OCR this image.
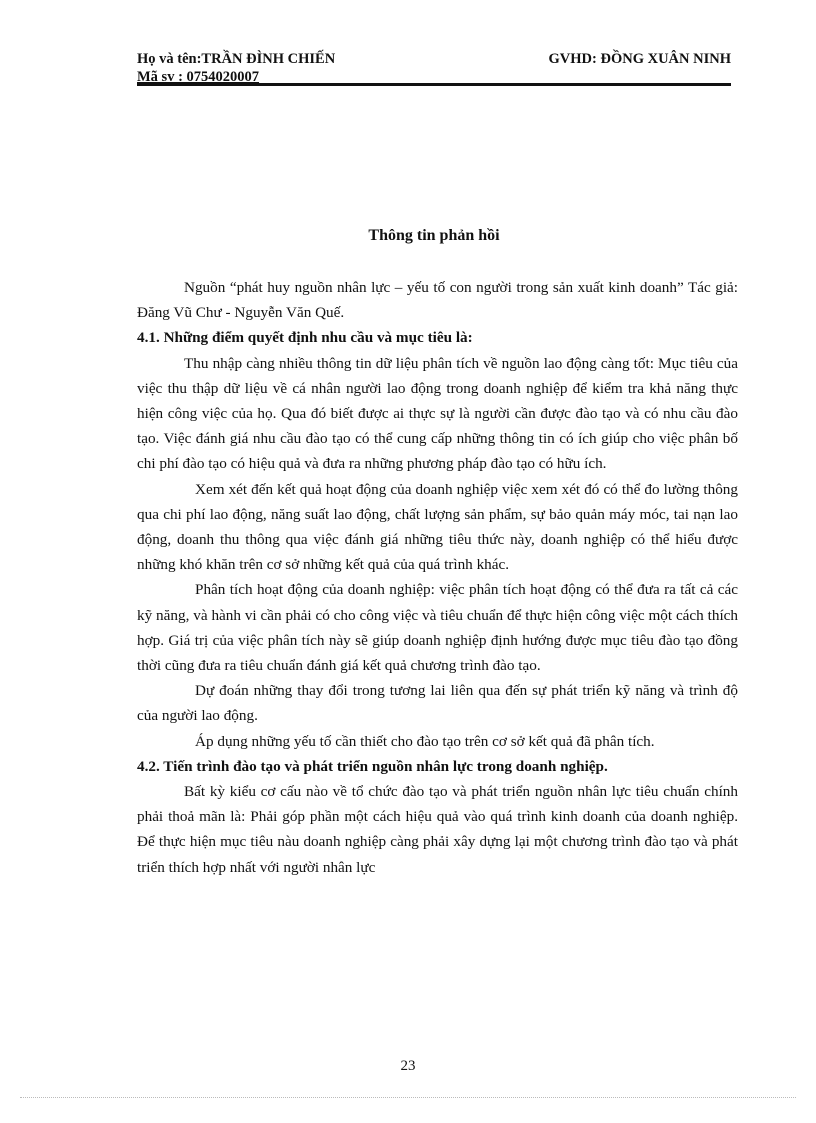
Họ và tên:TRẦN ĐÌNH CHIẾN	GVHD: ĐỒNG XUÂN NINH
Mã sv : 0754020007
Thông tin phản hồi

Nguồn “phát huy nguồn nhân lực – yếu tố con người trong sản xuất kinh doanh” Tác giả: Đăng Vũ Chư - Nguyễn Văn Quế.

4.1. Những điểm quyết định nhu cầu và mục tiêu là:

Thu nhập càng nhiều thông tin dữ liệu phân tích về nguồn lao động càng tốt: Mục tiêu của việc thu thập dữ liệu về cá nhân người lao động trong doanh nghiệp để kiểm tra khả năng thực hiện công việc của họ. Qua đó biết được ai thực sự là người cần được đào tạo và có nhu cầu đào tạo. Việc đánh giá nhu cầu đào tạo có thể cung cấp những thông tin có ích giúp cho việc phân bố chi phí đào tạo có hiệu quả và đưa ra những phương pháp đào tạo có hữu ích.

Xem xét đến kết quả hoạt động của doanh nghiệp việc xem xét đó có thể đo lường thông qua chi phí lao động, năng suất lao động, chất lượng sản phẩm, sự bảo quản máy móc, tai nạn lao động, doanh thu thông qua việc đánh giá những tiêu thức này, doanh nghiệp có thể hiểu được những khó khăn trên cơ sở những kết quả của quá trình khác.

Phân tích hoạt động của doanh nghiệp: việc phân tích hoạt động có thể đưa ra tất cả các kỹ năng, và hành vi cần phải có cho công việc và tiêu chuẩn để thực hiện công việc một cách thích hợp. Giá trị của việc phân tích này sẽ giúp doanh nghiệp định hướng được mục tiêu đào tạo đồng thời cũng đưa ra tiêu chuẩn đánh giá kết quả chương trình đào tạo.

Dự đoán những thay đổi trong tương lai liên qua đến sự phát triển kỹ năng và trình độ của người lao động.

Áp dụng những yếu tố cần thiết cho đào tạo trên cơ sở kết quả đã phân tích.

4.2. Tiến trình đào tạo và phát triển nguồn nhân lực trong doanh nghiệp.

Bất kỳ kiểu cơ cấu nào về tổ chức đào tạo và phát triển nguồn nhân lực tiêu chuẩn chính phải thoả mãn là: Phải góp phần một cách hiệu quả vào quá trình kinh doanh của doanh nghiệp. Để thực hiện mục tiêu nàu doanh nghiệp càng phải xây dựng lại một chương trình đào tạo và phát triển thích hợp nhất với người nhân lực

23
